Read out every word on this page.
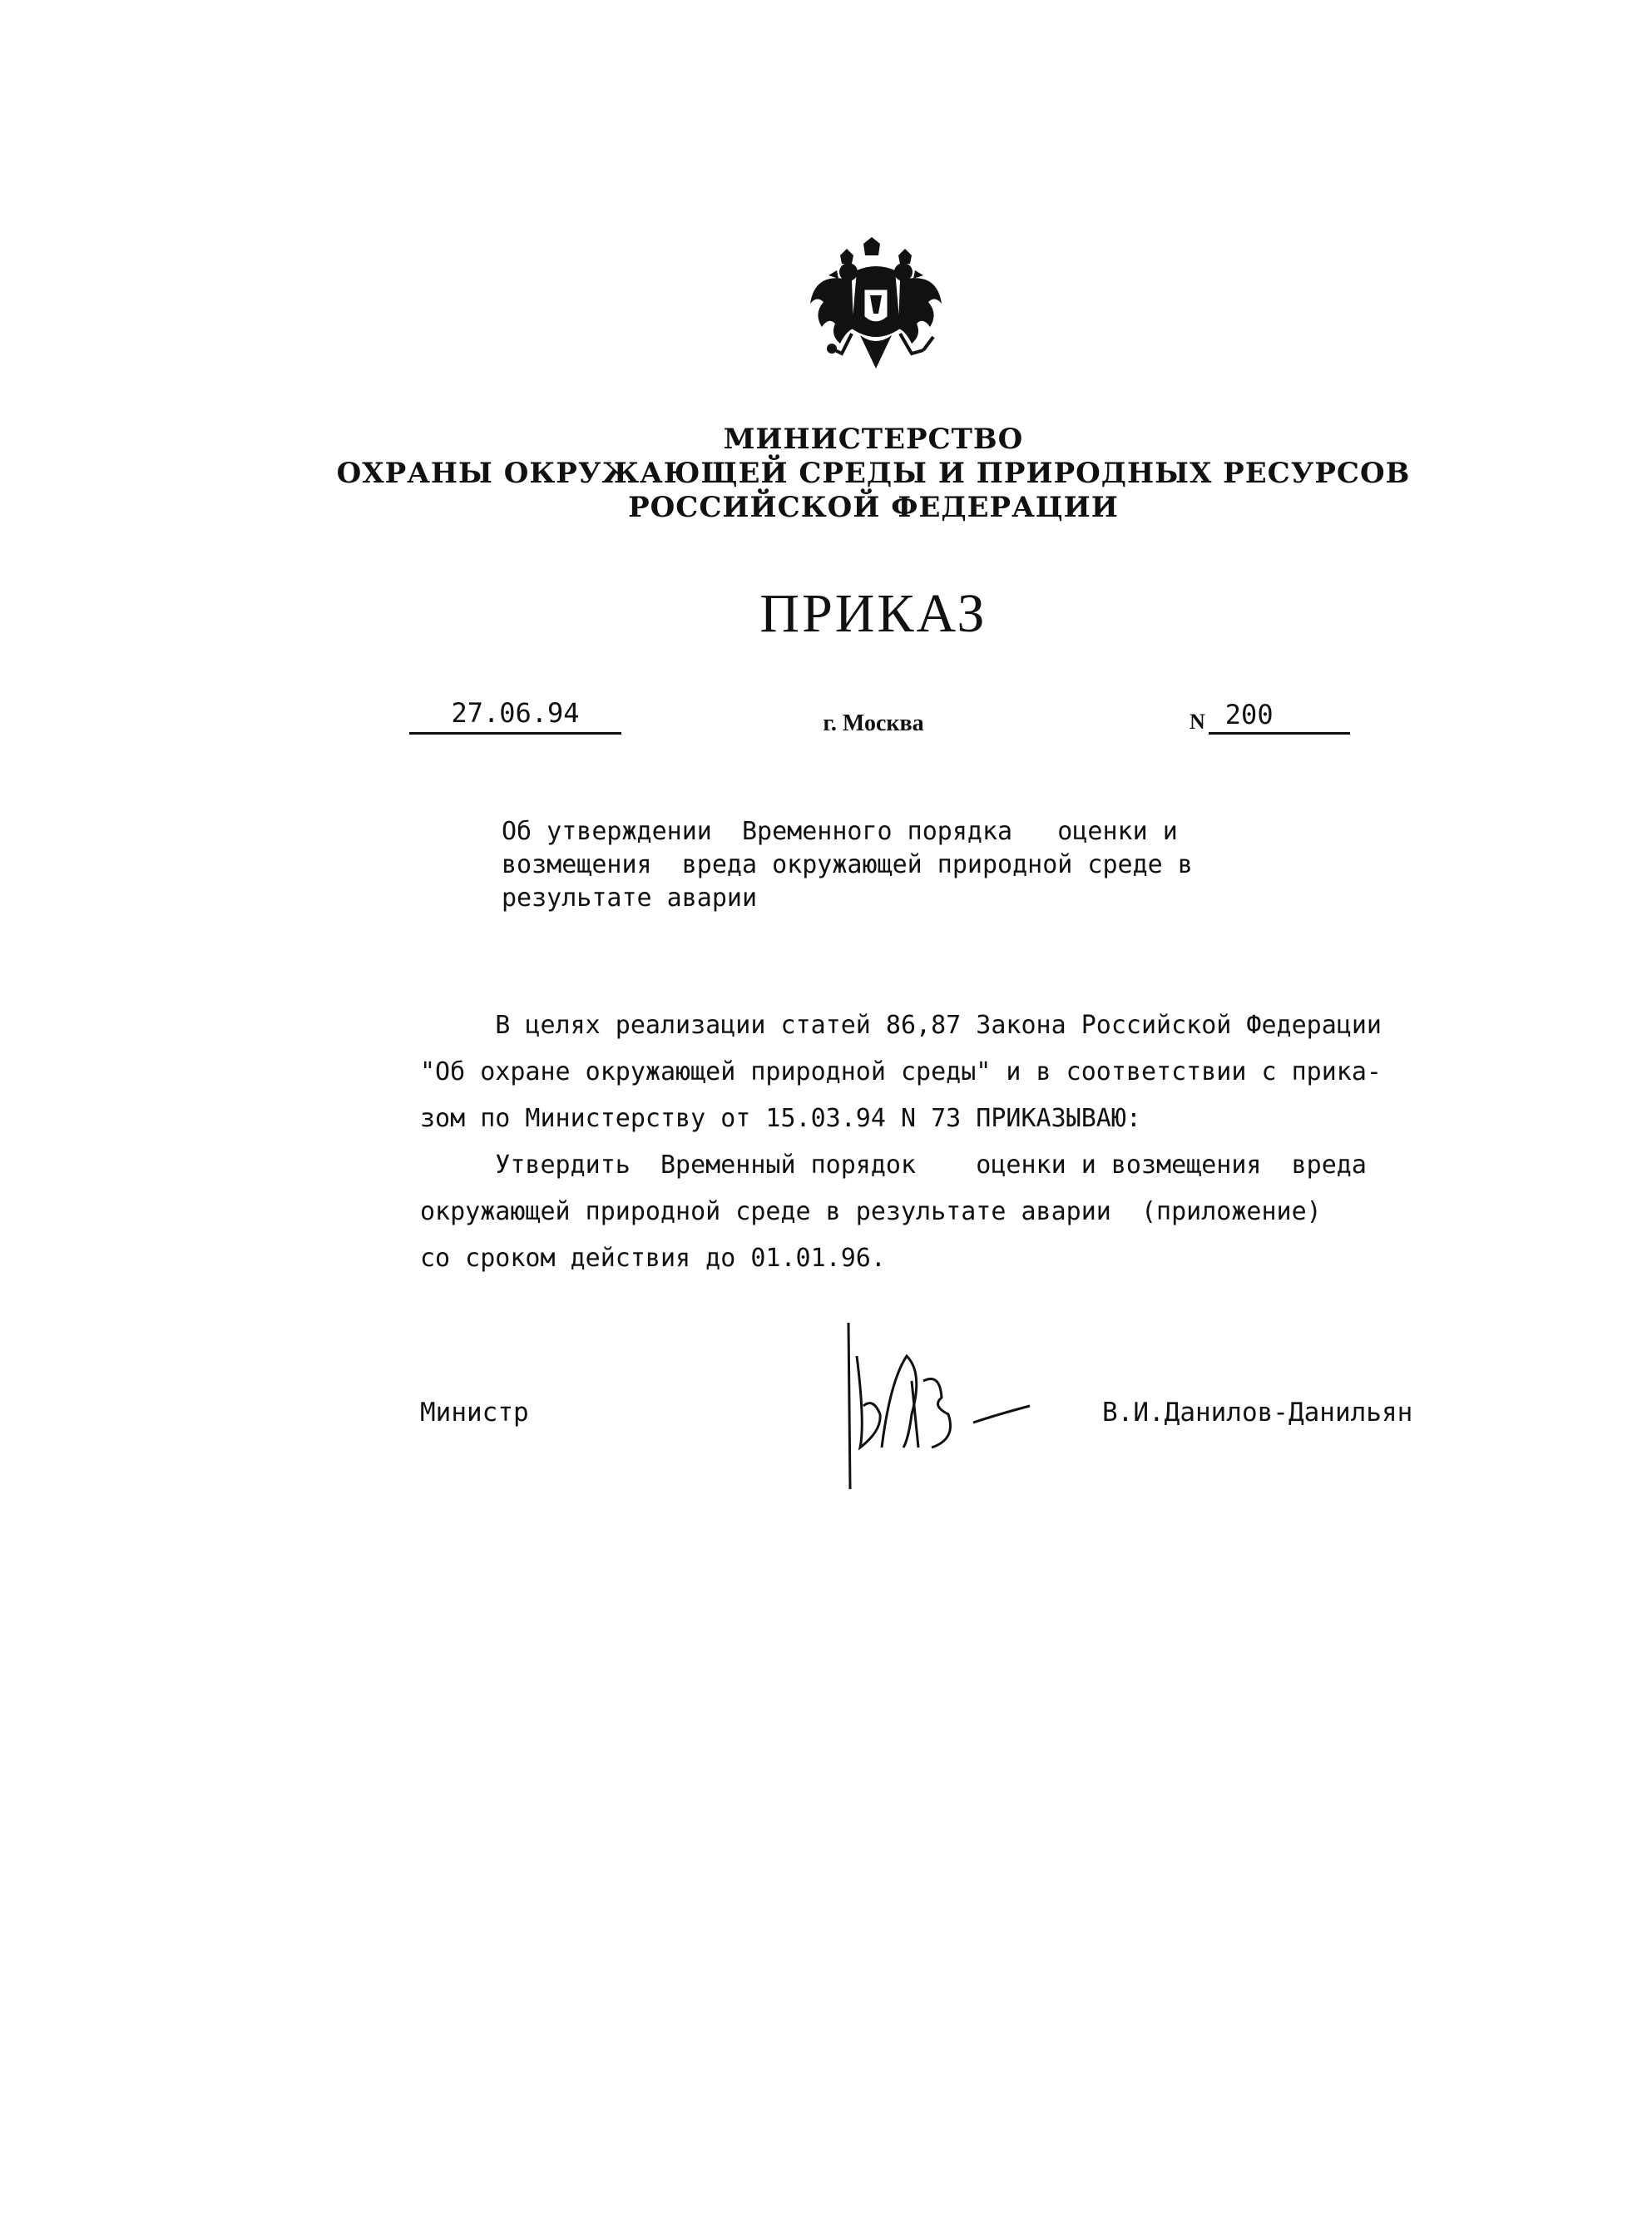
МИНИСТЕРСТВО
ОХРАНЫ ОКРУЖАЮЩЕЙ СРЕДЫ И ПРИРОДНЫХ РЕСУРСОВ
РОССИЙСКОЙ ФЕДЕРАЦИИ
ПРИКАЗ
27.06.94	г. Москва	N 200
Об утверждении  Временного порядка   оценки и
возмещения  вреда окружающей природной среде в
результате аварии
В целях реализации статей 86,87 Закона Российской Федерации
"Об охране окружающей природной среды" и в соответствии с прика-
зом по Министерству от 15.03.94 N 73 ПРИКАЗЫВАЮ:
Утвердить  Временный порядок    оценки и возмещения  вреда
окружающей природной среде в результате аварии  (приложение)
со сроком действия до 01.01.96.
Министр	В.И.Данилов-Данильян
